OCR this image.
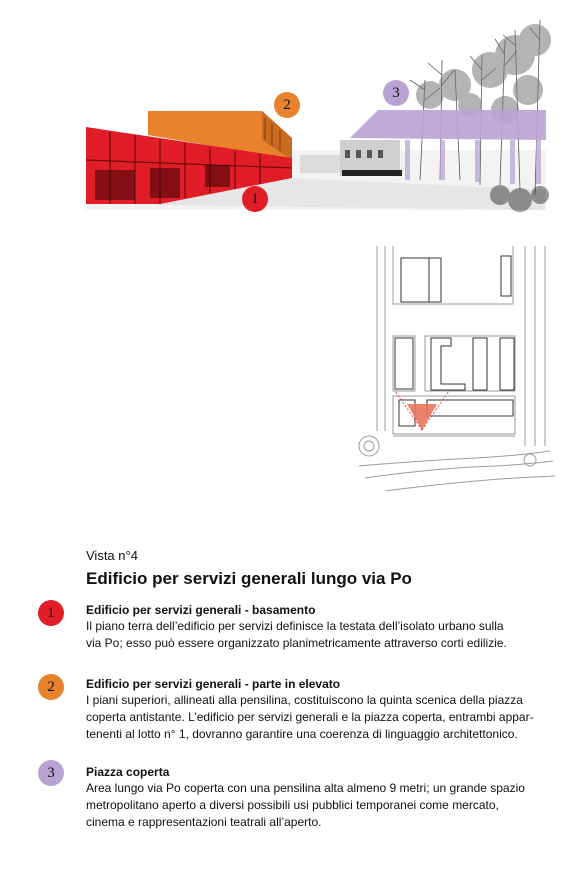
1
2
3
Vista n°4
Edificio per servizi generali lungo via Po
1	Edificio per servizi generali - basamento

Il piano terra dell’edificio per servizi definisce la testata dell’isolato urbano sulla

via Po; esso può essere organizzato planimetricamente attraverso corti edilizie.

2	Edificio per servizi generali - parte in elevato

I piani superiori, allineati alla pensilina, costituiscono la quinta scenica della piazza

coperta antistante. L’edificio per servizi generali e la piazza coperta, entrambi appar-

tenenti al lotto n° 1, dovranno garantire una coerenza di linguaggio architettonico.

3	Piazza coperta

Area lungo via Po coperta con una pensilina alta almeno 9 metri; un grande spazio

metropolitano aperto a diversi possibili usi pubblici temporanei come mercato,

cinema e rappresentazioni teatrali all’aperto.
